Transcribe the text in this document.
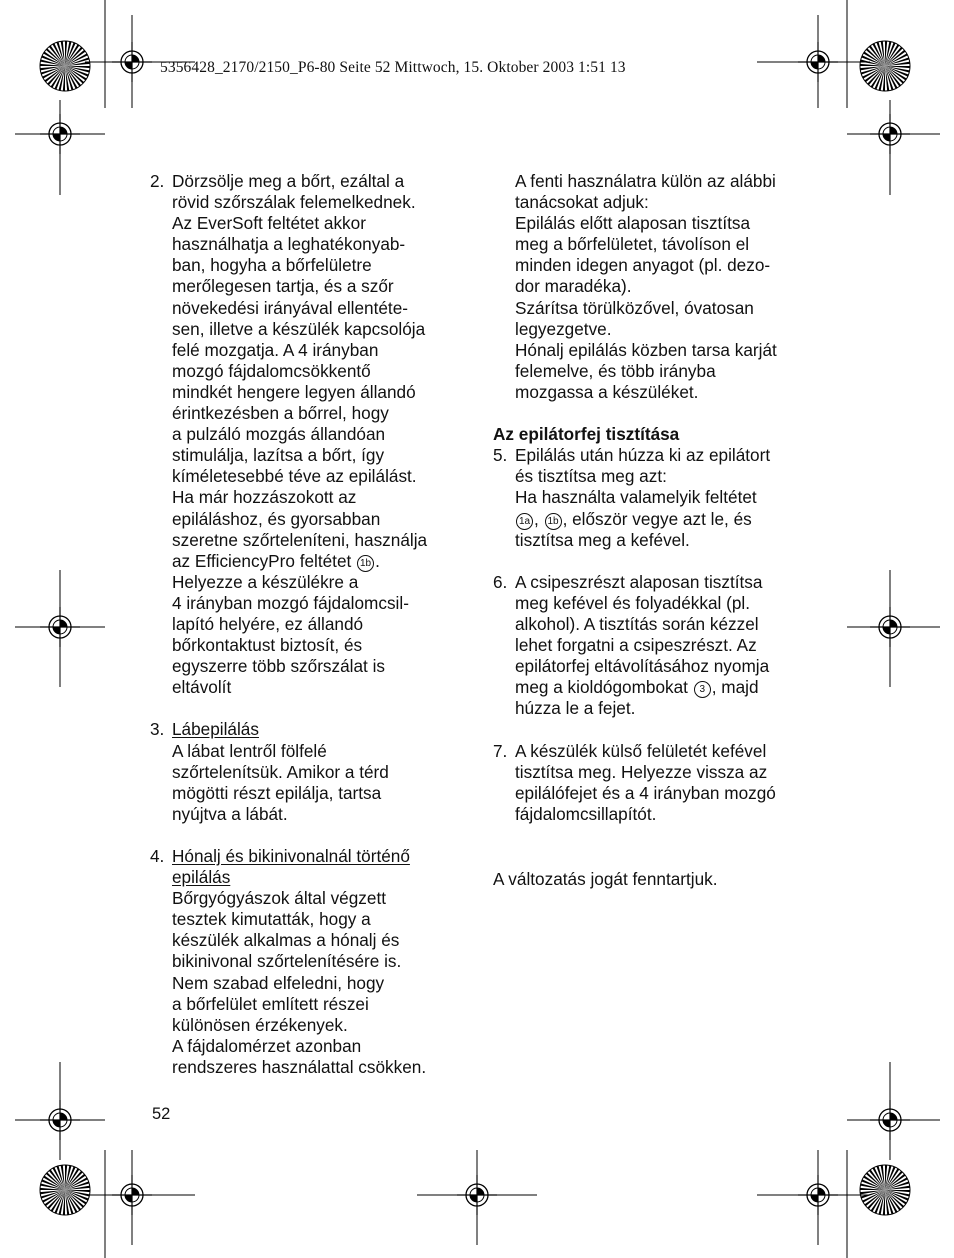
5356428_2170/2150_P6-80 Seite 52 Mittwoch, 15. Oktober 2003 1:51 13
2. Dörzsölje meg a bőrt, ezáltal a
rövid szőrszálak felemelkednek.
Az EverSoft feltétet akkor
használhatja a leghatékonyab-
ban, hogyha a bőrfelületre
merőlegesen tartja, és a szőr
növekedési irányával ellentéte-
sen, illetve a készülék kapcsolója
felé mozgatja. A 4 irányban
mozgó fájdalomcsökkentő
mindkét hengere legyen állandó
érintkezésben a bőrrel, hogy
a pulzáló mozgás állandóan
stimulálja, lazítsa a bőrt, így
kíméletesebbé téve az epilálást.
Ha már hozzászokott az
epiláláshoz, és gyorsabban
szeretne szőrteleníteni, használja
az EfficiencyPro feltétet 1b .
Helyezze a készülékre a
4 irányban mozgó fájdalomcsil-
lapító helyére, ez állandó
bőrkontaktust biztosít, és
egyszerre több szőrszálat is
eltávolít
3. Lábepilálás
A lábat lentről fölfelé
szőrtelenítsük. Amikor a térd
mögötti részt epilálja, tartsa
nyújtva a lábát.
4. Hónalj és bikinivonalnál történő
epilálás
Bőrgyógyászok által végzett
tesztek kimutatták, hogy a
készülék alkalmas a hónalj és
bikinivonal szőrtelenítésére is.
Nem szabad elfeledni, hogy
a bőrfelület említett részei
különösen érzékenyek.
A fájdalomérzet azonban
rendszeres használattal csökken.
A fenti használatra külön az alábbi
tanácsokat adjuk:
Epilálás előtt alaposan tisztítsa
meg a bőrfelületet, távolíson el
minden idegen anyagot (pl. dezo-
dor maradéka).
Szárítsa törülközővel, óvatosan
legyezgetve.
Hónalj epilálás közben tarsa karját
felemelve, és több irányba
mozgassa a készüléket.
Az epilátorfej tisztítása
5. Epilálás után húzza ki az epilátort
és tisztítsa meg azt:
Ha használta valamelyik feltétet
1a , 1b , először vegye azt le, és
tisztítsa meg a kefével.
6. A csipeszrészt alaposan tisztítsa
meg kefével és folyadékkal (pl.
alkohol). A tisztítás során kézzel
lehet forgatni a csipeszrészt. Az
epilátorfej eltávolításához nyomja
meg a kioldógombokat 3 , majd
húzza le a fejet.
7. A készülék külső felületét kefével
tisztítsa meg. Helyezze vissza az
epilálófejet és a 4 irányban mozgó
fájdalomcsillapítót.
A változatás jogát fenntartjuk.
52
